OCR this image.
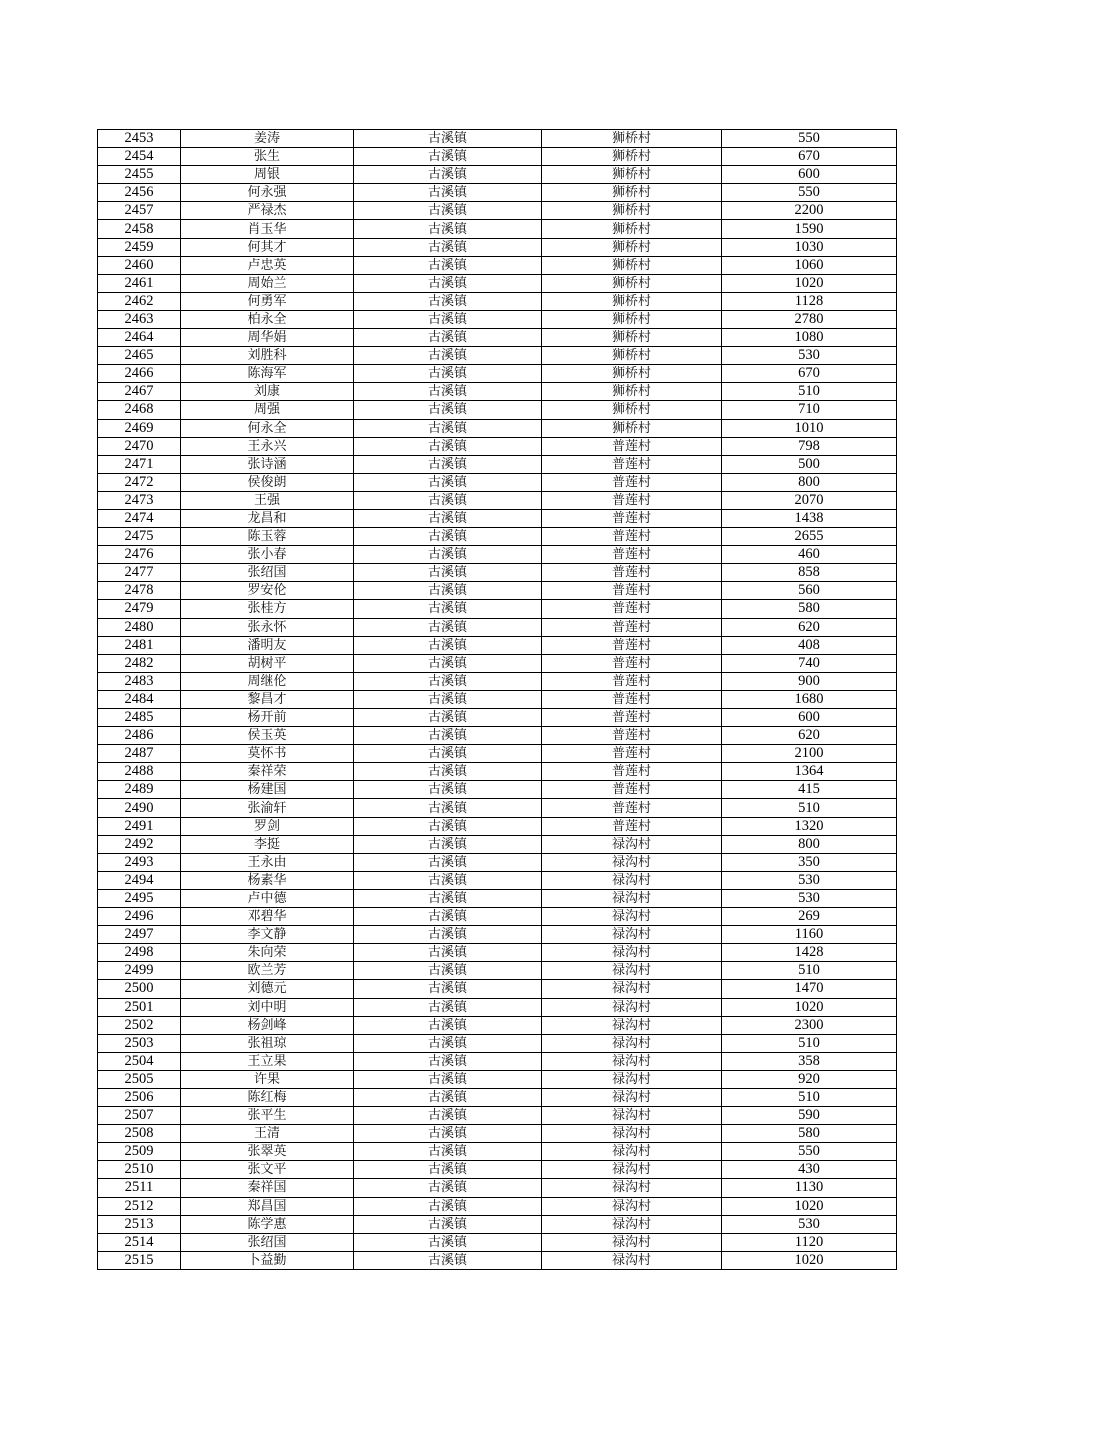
2453	姜涛	古溪镇	狮桥村	550
2454	张生	古溪镇	狮桥村	670
2455	周银	古溪镇	狮桥村	600
2456	何永强	古溪镇	狮桥村	550
2457	严禄杰	古溪镇	狮桥村	2200
2458	肖玉华	古溪镇	狮桥村	1590
2459	何其才	古溪镇	狮桥村	1030
2460	卢忠英	古溪镇	狮桥村	1060
2461	周始兰	古溪镇	狮桥村	1020
2462	何勇军	古溪镇	狮桥村	1128
2463	柏永全	古溪镇	狮桥村	2780
2464	周华娟	古溪镇	狮桥村	1080
2465	刘胜科	古溪镇	狮桥村	530
2466	陈海军	古溪镇	狮桥村	670
2467	刘康	古溪镇	狮桥村	510
2468	周强	古溪镇	狮桥村	710
2469	何永全	古溪镇	狮桥村	1010
2470	王永兴	古溪镇	普莲村	798
2471	张诗涵	古溪镇	普莲村	500
2472	侯俊朗	古溪镇	普莲村	800
2473	王强	古溪镇	普莲村	2070
2474	龙昌和	古溪镇	普莲村	1438
2475	陈玉蓉	古溪镇	普莲村	2655
2476	张小春	古溪镇	普莲村	460
2477	张绍国	古溪镇	普莲村	858
2478	罗安伦	古溪镇	普莲村	560
2479	张桂方	古溪镇	普莲村	580
2480	张永怀	古溪镇	普莲村	620
2481	潘明友	古溪镇	普莲村	408
2482	胡树平	古溪镇	普莲村	740
2483	周继伦	古溪镇	普莲村	900
2484	黎昌才	古溪镇	普莲村	1680
2485	杨开前	古溪镇	普莲村	600
2486	侯玉英	古溪镇	普莲村	620
2487	莫怀书	古溪镇	普莲村	2100
2488	秦祥荣	古溪镇	普莲村	1364
2489	杨建国	古溪镇	普莲村	415
2490	张渝轩	古溪镇	普莲村	510
2491	罗剑	古溪镇	普莲村	1320
2492	李挺	古溪镇	禄沟村	800
2493	王永由	古溪镇	禄沟村	350
2494	杨素华	古溪镇	禄沟村	530
2495	卢中德	古溪镇	禄沟村	530
2496	邓碧华	古溪镇	禄沟村	269
2497	李文静	古溪镇	禄沟村	1160
2498	朱向荣	古溪镇	禄沟村	1428
2499	欧兰芳	古溪镇	禄沟村	510
2500	刘德元	古溪镇	禄沟村	1470
2501	刘中明	古溪镇	禄沟村	1020
2502	杨剑峰	古溪镇	禄沟村	2300
2503	张祖琼	古溪镇	禄沟村	510
2504	王立果	古溪镇	禄沟村	358
2505	许果	古溪镇	禄沟村	920
2506	陈红梅	古溪镇	禄沟村	510
2507	张平生	古溪镇	禄沟村	590
2508	王清	古溪镇	禄沟村	580
2509	张翠英	古溪镇	禄沟村	550
2510	张文平	古溪镇	禄沟村	430
2511	秦祥国	古溪镇	禄沟村	1130
2512	郑昌国	古溪镇	禄沟村	1020
2513	陈学惠	古溪镇	禄沟村	530
2514	张绍国	古溪镇	禄沟村	1120
2515	卜益勤	古溪镇	禄沟村	1020
